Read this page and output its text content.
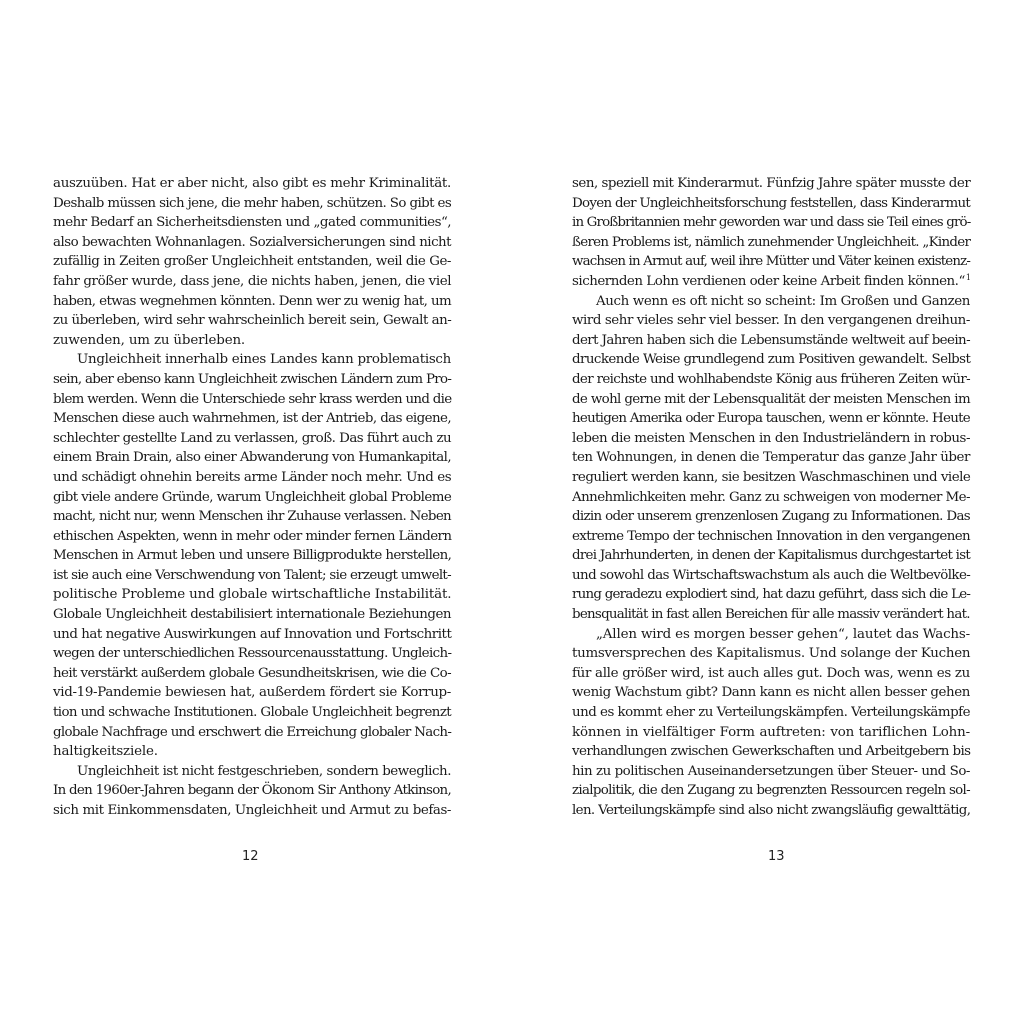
auszuüben. Hat er aber nicht, also gibt es mehr Kriminalität.
Deshalb müssen sich jene, die mehr haben, schützen. So gibt es
mehr Bedarf an Sicherheitsdiensten und „gated communities“,
also bewachten Wohnanlagen. Sozialversicherungen sind nicht
zufällig in Zeiten großer Ungleichheit entstanden, weil die Ge-
fahr größer wurde, dass jene, die nichts haben, jenen, die viel
haben, etwas wegnehmen könnten. Denn wer zu wenig hat, um
zu überleben, wird sehr wahrscheinlich bereit sein, Gewalt an-
zuwenden, um zu überleben.
Ungleichheit innerhalb eines Landes kann problematisch
sein, aber ebenso kann Ungleichheit zwischen Ländern zum Pro-
blem werden. Wenn die Unterschiede sehr krass werden und die
Menschen diese auch wahrnehmen, ist der Antrieb, das eigene,
schlechter gestellte Land zu verlassen, groß. Das führt auch zu
einem Brain Drain, also einer Abwanderung von Humankapital,
und schädigt ohnehin bereits arme Länder noch mehr. Und es
gibt viele andere Gründe, warum Ungleichheit global Probleme
macht, nicht nur, wenn Menschen ihr Zuhause verlassen. Neben
ethischen Aspekten, wenn in mehr oder minder fernen Ländern
Menschen in Armut leben und unsere Billigprodukte herstellen,
ist sie auch eine Verschwendung von Talent; sie erzeugt umwelt-
politische Probleme und globale wirtschaftliche Instabilität.
Globale Ungleichheit destabilisiert internationale Beziehungen
und hat negative Auswirkungen auf Innovation und Fortschritt
wegen der unterschiedlichen Ressourcenausstattung. Ungleich-
heit verstärkt außerdem globale Gesundheitskrisen, wie die Co-
vid-19-Pandemie bewiesen hat, außerdem fördert sie Korrup-
tion und schwache Institutionen. Globale Ungleichheit begrenzt
globale Nachfrage und erschwert die Erreichung globaler Nach-
haltigkeitsziele.
Ungleichheit ist nicht festgeschrieben, sondern beweglich.
In den 1960er-Jahren begann der Ökonom Sir Anthony Atkinson,
sich mit Einkommensdaten, Ungleichheit und Armut zu befas-
12
sen, speziell mit Kinderarmut. Fünfzig Jahre später musste der
Doyen der Ungleichheitsforschung feststellen, dass Kinderarmut
in Großbritannien mehr geworden war und dass sie Teil eines grö-
ßeren Problems ist, nämlich zunehmender Ungleichheit. „Kinder
wachsen in Armut auf, weil ihre Mütter und Väter keinen existenz-
sichernden Lohn verdienen oder keine Arbeit finden können.“$^1$
Auch wenn es oft nicht so scheint: Im Großen und Ganzen
wird sehr vieles sehr viel besser. In den vergangenen dreihun-
dert Jahren haben sich die Lebensumstände weltweit auf beein-
druckende Weise grundlegend zum Positiven gewandelt. Selbst
der reichste und wohlhabendste König aus früheren Zeiten wür-
de wohl gerne mit der Lebensqualität der meisten Menschen im
heutigen Amerika oder Europa tauschen, wenn er könnte. Heute
leben die meisten Menschen in den Industrieländern in robus-
ten Wohnungen, in denen die Temperatur das ganze Jahr über
reguliert werden kann, sie besitzen Waschmaschinen und viele
Annehmlichkeiten mehr. Ganz zu schweigen von moderner Me-
dizin oder unserem grenzenlosen Zugang zu Informationen. Das
extreme Tempo der technischen Innovation in den vergangenen
drei Jahrhunderten, in denen der Kapitalismus durchgestartet ist
und sowohl das Wirtschaftswachstum als auch die Weltbevölke-
rung geradezu explodiert sind, hat dazu geführt, dass sich die Le-
bensqualität in fast allen Bereichen für alle massiv verändert hat.
„Allen wird es morgen besser gehen“, lautet das Wachs-
tumsversprechen des Kapitalismus. Und solange der Kuchen
für alle größer wird, ist auch alles gut. Doch was, wenn es zu
wenig Wachstum gibt? Dann kann es nicht allen besser gehen
und es kommt eher zu Verteilungskämpfen. Verteilungskämpfe
können in vielfältiger Form auftreten: von tariflichen Lohn-
verhandlungen zwischen Gewerkschaften und Arbeitgebern bis
hin zu politischen Auseinandersetzungen über Steuer- und So-
zialpolitik, die den Zugang zu begrenzten Ressourcen regeln sol-
len. Verteilungskämpfe sind also nicht zwangsläufig gewalttätig,
13
